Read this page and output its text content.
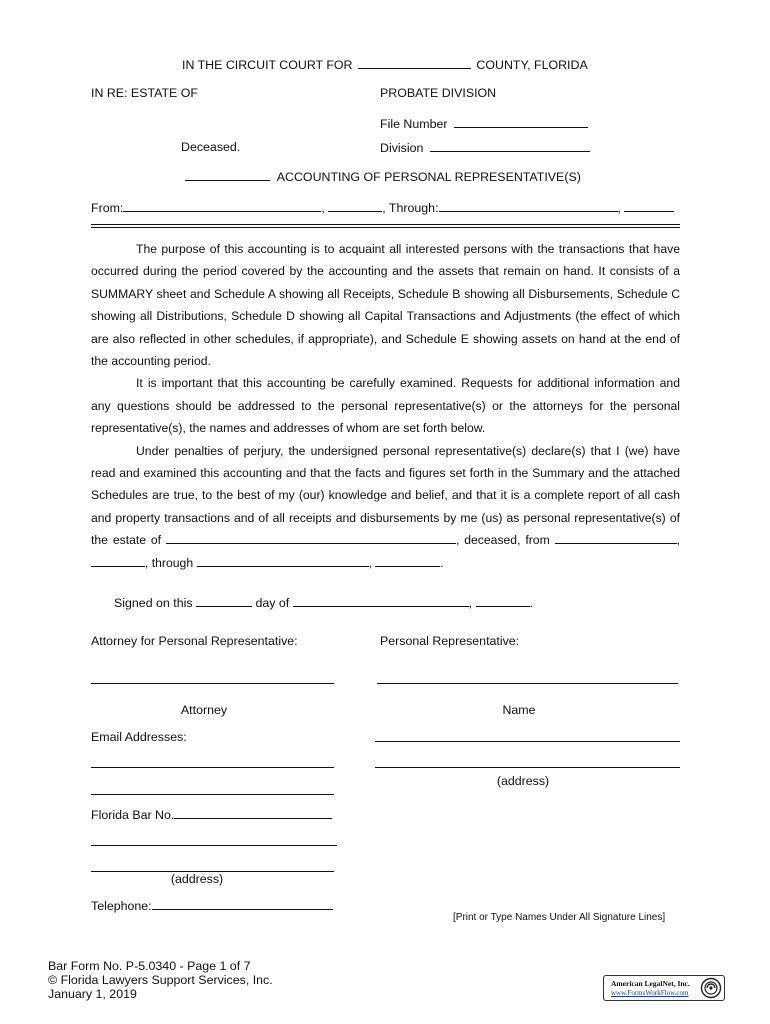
IN THE CIRCUIT COURT FOR	COUNTY, FLORIDA
IN RE: ESTATE OF	PROBATE DIVISION
File Number
Deceased.	Division
ACCOUNTING OF PERSONAL REPRESENTATIVE(S)
From:	,	, Through:	,

The purpose of this accounting is to acquaint all interested persons with the transactions that have occurred during the period covered by the accounting and the assets that remain on hand. It consists of a SUMMARY sheet and Schedule A showing all Receipts, Schedule B showing all Disbursements, Schedule C showing all Distributions, Schedule D showing all Capital Transactions and Adjustments (the effect of which are also reflected in other schedules, if appropriate), and Schedule E showing assets on hand at the end of the accounting period.

It is important that this accounting be carefully examined. Requests for additional information and any questions should be addressed to the personal representative(s) or the attorneys for the personal representative(s), the names and addresses of whom are set forth below.

Under penalties of perjury, the undersigned personal representative(s) declare(s) that I (we) have read and examined this accounting and that the facts and figures set forth in the Summary and the attached Schedules are true, to the best of my (our) knowledge and belief, and that it is a complete report of all cash and property transactions and of all receipts and disbursements by me (us) as personal representative(s) of the estate of	, deceased, from	, , through	,	.

Signed on this	day of	,	.
Attorney for Personal Representative:
Attorney
Email Addresses:
Florida Bar No.
(address)
Telephone:
Personal Representative:
Name
(address)
[Print or Type Names Under All Signature Lines]
Bar Form No. P-5.0340 - Page 1 of 7
© Florida Lawyers Support Services, Inc.
January 1, 2019
American LegalNet, Inc.
www.FormsWorkFlow.com
